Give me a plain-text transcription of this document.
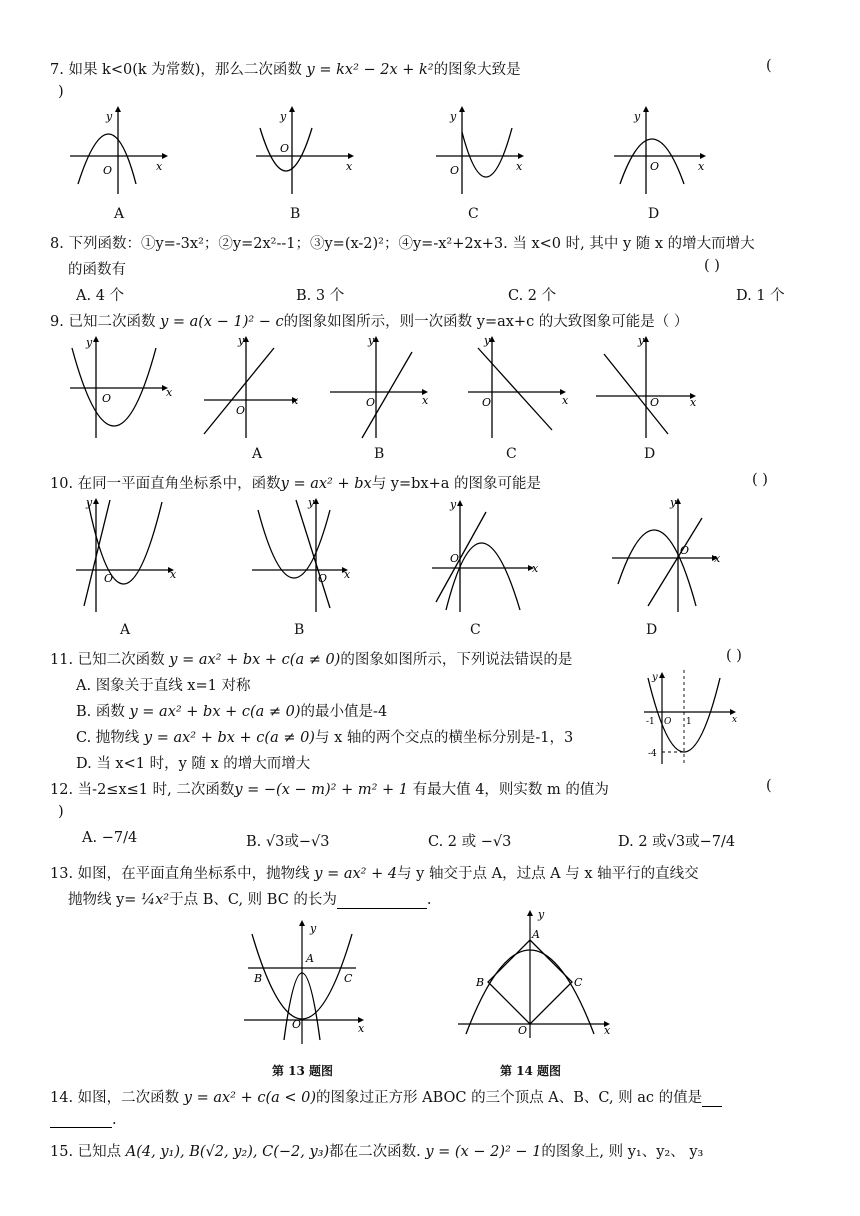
7. 如果 k<0(k 为常数)，那么二次函数 y = kx² − 2x + k²的图象大致是	(
)
y
O	x
y
O
x
y
O	x
y
O	x
A	B	C	D
8. 下列函数：①y=-3x²；②y=2x²--1；③y=(x-2)²；④y=-x²+2x+3. 当 x<0 时, 其中 y 随 x 的增大而增大
的函数有	( )
A. 4 个	B. 3 个	C. 2 个	D. 1 个
9. 已知二次函数 y = a(x − 1)² − c的图象如图所示，则一次函数 y=ax+c 的大致图象可能是（ ）
y
O	x
y
O
x
y
O	x
y
O	x
y
O	x
A	B	C	D
10. 在同一平面直角坐标系中，函数y = ax² + bx与 y=bx+a 的图象可能是	( )
y
O	x
y
O x
y
O
x
y
O
x
A	B	C	D
11. 已知二次函数 y = ax² + bx + c(a ≠ 0)的图象如图所示，下列说法错误的是	( )
A. 图象关于直线 x=1 对称
B. 函数 y = ax² + bx + c(a ≠ 0)的最小值是-4
C. 抛物线 y = ax² + bx + c(a ≠ 0)与 x 轴的两个交点的横坐标分别是-1，3
D. 当 x<1 时，y 随 x 的增大而增大
y
-1 O 1
-4
x
12. 当-2≤x≤1 时, 二次函数y = −(x − m)² + m² + 1 有最大值 4，则实数 m 的值为	(
)
A. −7/4	B. √3或−√3	C. 2 或 −√3	D. 2 或√3或−7/4
13. 如图，在平面直角坐标系中，抛物线 y = ax² + 4与 y 轴交于点 A，过点 A 与 x 轴平行的直线交
抛物线 y= ¼x²于点 B、C, 则 BC 的长为	.
y
A
B	C
O	x
y
A
B	C
O	x
第 13 题图	第 14 题图
14. 如图，二次函数 y = ax² + c(a < 0)的图象过正方形 ABOC 的三个顶点 A、B、C, 则 ac 的值是
.
15. 已知点 A(4, y₁), B(√2, y₂), C(−2, y₃)都在二次函数. y = (x − 2)² − 1的图象上, 则 y₁、y₂、 y₃
